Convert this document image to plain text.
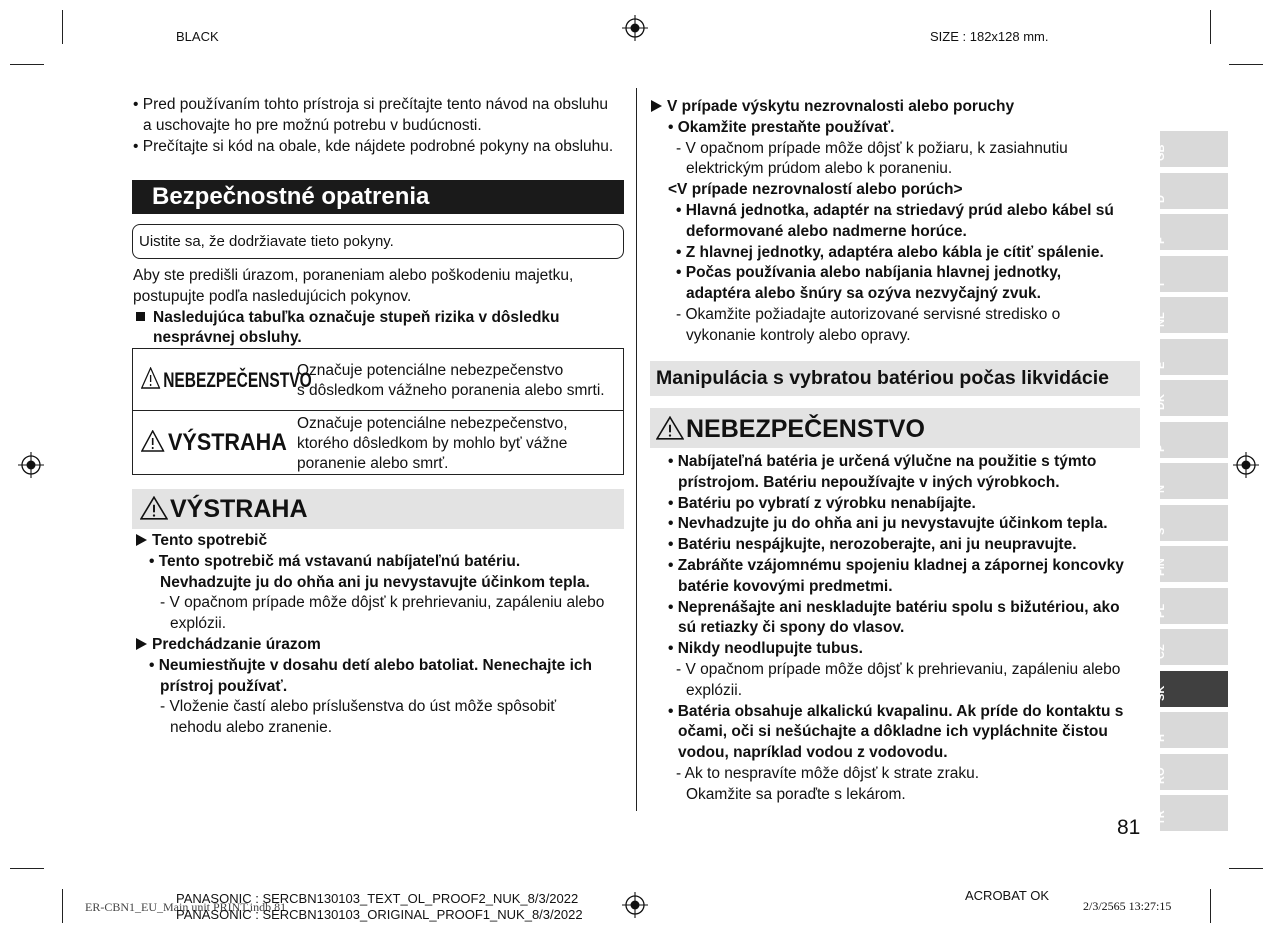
BLACK	SIZE : 182x128 mm.
• Pred používaním tohto prístroja si prečítajte tento návod na obsluhu
a uschovajte ho pre možnú potrebu v budúcnosti.
• Prečítajte si kód na obale, kde nájdete podrobné pokyny na obsluhu.
Bezpečnostné opatrenia
Uistite sa, že dodržiavate tieto pokyny.
Aby ste predišli úrazom, poraneniam alebo poškodeniu majetku,
postupujte podľa nasledujúcich pokynov.
Nasledujúca tabuľka označuje stupeň rizika v dôsledku
nesprávnej obsluhy.
NEBEZPEČENSTVO
Označuje potenciálne nebezpečenstvo
s dôsledkom vážneho poranenia alebo smrti.
VÝSTRAHA
Označuje potenciálne nebezpečenstvo,
ktorého dôsledkom by mohlo byť vážne
poranenie alebo smrť.
VÝSTRAHA
Tento spotrebič
• Tento spotrebič má vstavanú nabíjateľnú batériu.
Nevhadzujte ju do ohňa ani ju nevystavujte účinkom tepla.
- V opačnom prípade môže dôjsť k prehrievaniu, zapáleniu alebo
explózii.
Predchádzanie úrazom
• Neumiestňujte v dosahu detí alebo batoliat. Nenechajte ich
prístroj používať.
- Vloženie častí alebo príslušenstva do úst môže spôsobiť
nehodu alebo zranenie.
V prípade výskytu nezrovnalosti alebo poruchy
• Okamžite prestaňte používať.
- V opačnom prípade môže dôjsť k požiaru, k zasiahnutiu
elektrickým prúdom alebo k poraneniu.
<V prípade nezrovnalostí alebo porúch>
• Hlavná jednotka, adaptér na striedavý prúd alebo kábel sú
deformované alebo nadmerne horúce.
• Z hlavnej jednotky, adaptéra alebo kábla je cítiť spálenie.
• Počas používania alebo nabíjania hlavnej jednotky,
adaptéra alebo šnúry sa ozýva nezvyčajný zvuk.
- Okamžite požiadajte autorizované servisné stredisko o
vykonanie kontroly alebo opravy.
Manipulácia s vybratou batériou počas likvidácie
NEBEZPEČENSTVO
• Nabíjateľná batéria je určená výlučne na použitie s týmto
prístrojom. Batériu nepoužívajte v iných výrobkoch.
• Batériu po vybratí z výrobku nenabíjajte.
• Nevhadzujte ju do ohňa ani ju nevystavujte účinkom tepla.
• Batériu nespájkujte, nerozoberajte, ani ju neupravujte.
• Zabráňte vzájomnému spojeniu kladnej a zápornej koncovky
batérie kovovými predmetmi.
• Neprenášajte ani neskladujte batériu spolu s bižutériou, ako
sú retiazky či spony do vlasov.
• Nikdy neodlupujte tubus.
- V opačnom prípade môže dôjsť k prehrievaniu, zapáleniu alebo
explózii.
• Batéria obsahuje alkalickú kvapalinu. Ak príde do kontaktu s
očami, oči si nešúchajte a dôkladne ich vypláchnite čistou
vodou, napríklad vodou z vodovodu.
- Ak to nespravíte môže dôjsť k strate zraku.
Okamžite sa poraďte s lekárom.
GB
D
F
I
NL
E
DK
P
N
S
FIN
PL
CZ
SK
H
RO
TR
81
ER-CBN1_EU_Main unit PRINT.indb 81
PANASONIC : SERCBN130103_TEXT_OL_PROOF2_NUK_8/3/2022
PANASONIC : SERCBN130103_ORIGINAL_PROOF1_NUK_8/3/2022
ACROBAT OK
2/3/2565 13:27:15
